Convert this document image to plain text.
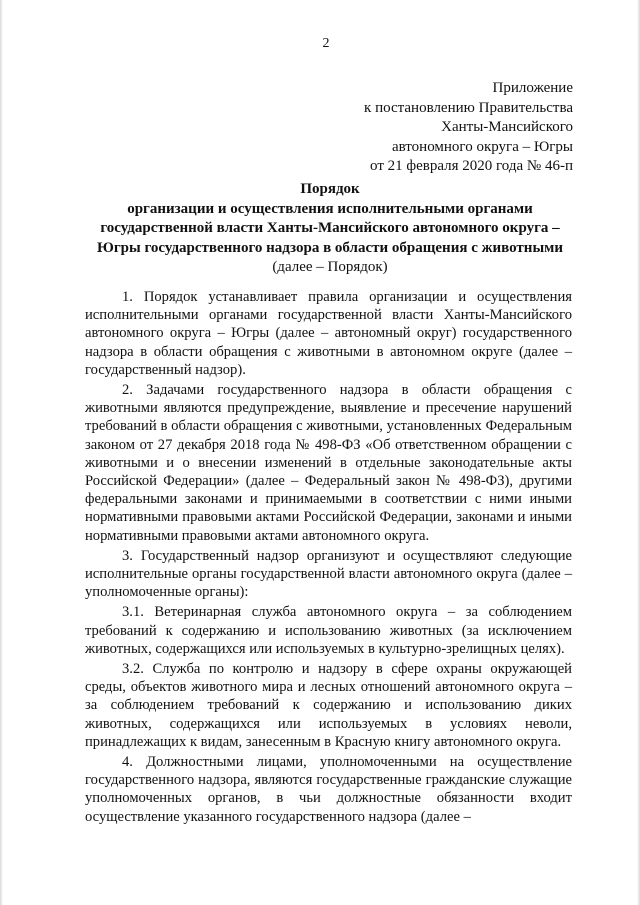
2
Приложение
к постановлению Правительства
Ханты-Мансийского
автономного округа – Югры
от 21 февраля 2020 года № 46-п
Порядок
организации и осуществления исполнительными органами
государственной власти Ханты-Мансийского автономного округа –
Югры государственного надзора в области обращения с животными
(далее – Порядок)

1. Порядок устанавливает правила организации и осуществления исполнительными органами государственной власти Ханты-Мансийского автономного округа – Югры (далее – автономный округ) государственного надзора в области обращения с животными в автономном округе (далее – государственный надзор).

2. Задачами государственного надзора в области обращения с животными являются предупреждение, выявление и пресечение нарушений требований в области обращения с животными, установленных Федеральным законом от 27 декабря 2018 года № 498-ФЗ «Об ответственном обращении с животными и о внесении изменений в отдельные законодательные акты Российской Федерации» (далее – Федеральный закон № 498-ФЗ), другими федеральными законами и принимаемыми в соответствии с ними иными нормативными правовыми актами Российской Федерации, законами и иными нормативными правовыми актами автономного округа.

3. Государственный надзор организуют и осуществляют следующие исполнительные органы государственной власти автономного округа (далее – уполномоченные органы):

3.1. Ветеринарная служба автономного округа – за соблюдением требований к содержанию и использованию животных (за исключением животных, содержащихся или используемых в культурно-зрелищных целях).

3.2. Служба по контролю и надзору в сфере охраны окружающей среды, объектов животного мира и лесных отношений автономного округа – за соблюдением требований к содержанию и использованию диких животных, содержащихся или используемых в условиях неволи, принадлежащих к видам, занесенным в Красную книгу автономного округа.

4. Должностными лицами, уполномоченными на осуществление государственного надзора, являются государственные гражданские служащие уполномоченных органов, в чьи должностные обязанности входит осуществление указанного государственного надзора (далее –
